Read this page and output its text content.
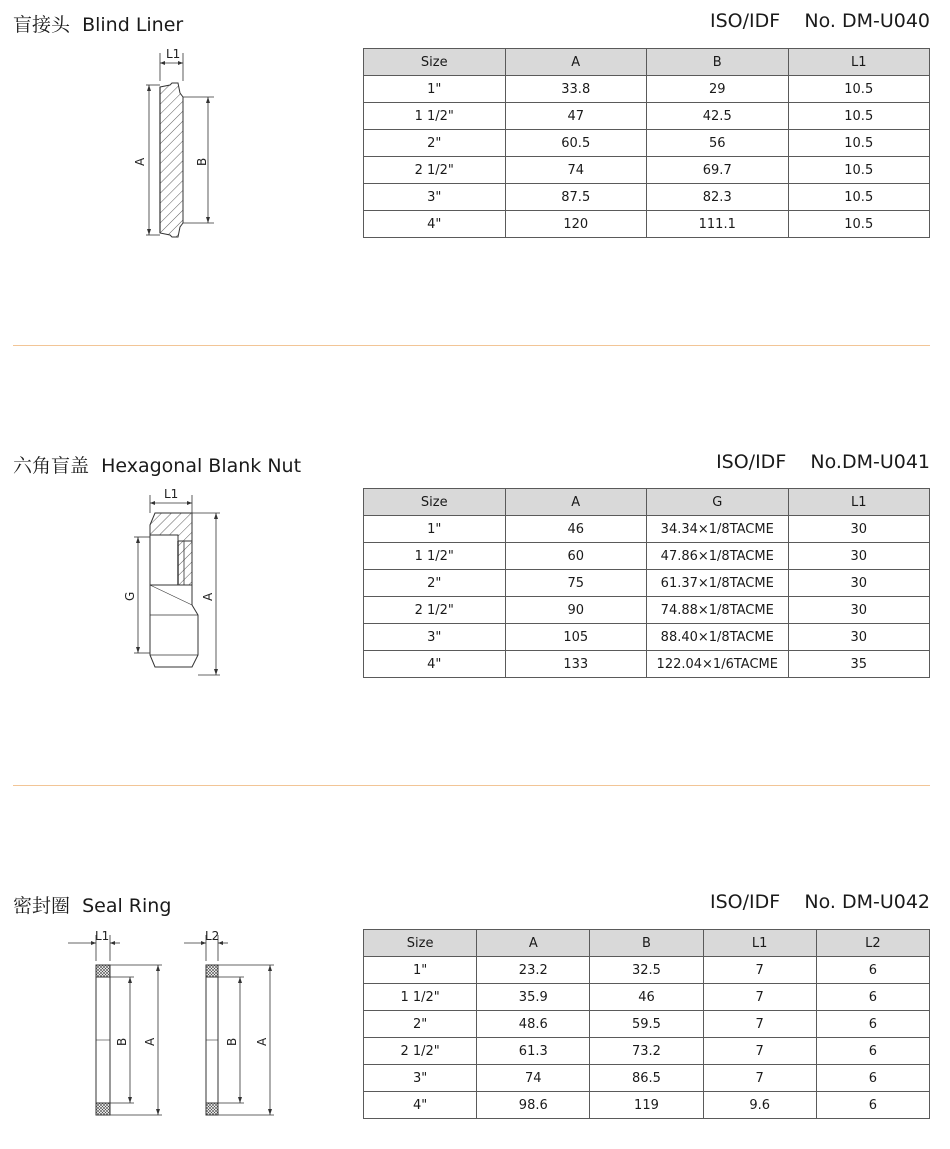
盲接头  Blind Liner	ISO/IDF    No. DM-U040
L1
A	B
Size	A	B	L1
1"	33.8	29	10.5
1 1/2"	47	42.5	10.5
2"	60.5	56	10.5
2 1/2"	74	69.7	10.5
3"	87.5	82.3	10.5
4"	120	111.1	10.5
六角盲盖  Hexagonal Blank Nut	ISO/IDF    No.DM-U041
L1
G	A
Size	A	G	L1
1"	46	34.34×1/8TACME	30
1 1/2"	60	47.86×1/8TACME	30
2"	75	61.37×1/8TACME	30
2 1/2"	90	74.88×1/8TACME	30
3"	105	88.40×1/8TACME	30
4"	133	122.04×1/6TACME	35
密封圈  Seal Ring	ISO/IDF    No. DM-U042
L1
B A
L2
B A
Size	A	B	L1	L2
1"	23.2	32.5	7	6
1 1/2"	35.9	46	7	6
2"	48.6	59.5	7	6
2 1/2"	61.3	73.2	7	6
3"	74	86.5	7	6
4"	98.6	119	9.6	6
